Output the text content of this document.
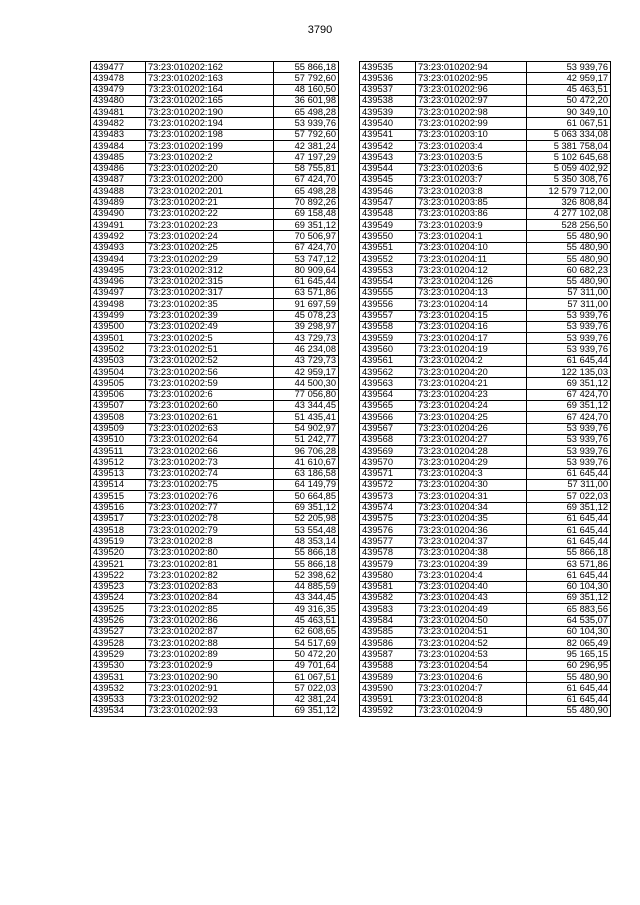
3790
439477	73:23:010202:162	55 866,18
439478	73:23:010202:163	57 792,60
439479	73:23:010202:164	48 160,50
439480	73:23:010202:165	36 601,98
439481	73:23:010202:190	65 498,28
439482	73:23:010202:194	53 939,76
439483	73:23:010202:198	57 792,60
439484	73:23:010202:199	42 381,24
439485	73:23:010202:2	47 197,29
439486	73:23:010202:20	58 755,81
439487	73:23:010202:200	67 424,70
439488	73:23:010202:201	65 498,28
439489	73:23:010202:21	70 892,26
439490	73:23:010202:22	69 158,48
439491	73:23:010202:23	69 351,12
439492	73:23:010202:24	70 506,97
439493	73:23:010202:25	67 424,70
439494	73:23:010202:29	53 747,12
439495	73:23:010202:312	80 909,64
439496	73:23:010202:315	61 645,44
439497	73:23:010202:317	63 571,86
439498	73:23:010202:35	91 697,59
439499	73:23:010202:39	45 078,23
439500	73:23:010202:49	39 298,97
439501	73:23:010202:5	43 729,73
439502	73:23:010202:51	46 234,08
439503	73:23:010202:52	43 729,73
439504	73:23:010202:56	42 959,17
439505	73:23:010202:59	44 500,30
439506	73:23:010202:6	77 056,80
439507	73:23:010202:60	43 344,45
439508	73:23:010202:61	51 435,41
439509	73:23:010202:63	54 902,97
439510	73:23:010202:64	51 242,77
439511	73:23:010202:66	96 706,28
439512	73:23:010202:73	41 610,67
439513	73:23:010202:74	63 186,58
439514	73:23:010202:75	64 149,79
439515	73:23:010202:76	50 664,85
439516	73:23:010202:77	69 351,12
439517	73:23:010202:78	52 205,98
439518	73:23:010202:79	53 554,48
439519	73:23:010202:8	48 353,14
439520	73:23:010202:80	55 866,18
439521	73:23:010202:81	55 866,18
439522	73:23:010202:82	52 398,62
439523	73:23:010202:83	44 885,59
439524	73:23:010202:84	43 344,45
439525	73:23:010202:85	49 316,35
439526	73:23:010202:86	45 463,51
439527	73:23:010202:87	62 608,65
439528	73:23:010202:88	54 517,69
439529	73:23:010202:89	50 472,20
439530	73:23:010202:9	49 701,64
439531	73:23:010202:90	61 067,51
439532	73:23:010202:91	57 022,03
439533	73:23:010202:92	42 381,24
439534	73:23:010202:93	69 351,12
439535	73:23:010202:94	53 939,76
439536	73:23:010202:95	42 959,17
439537	73:23:010202:96	45 463,51
439538	73:23:010202:97	50 472,20
439539	73:23:010202:98	90 349,10
439540	73:23:010202:99	61 067,51
439541	73:23:010203:10	5 063 334,08
439542	73:23:010203:4	5 381 758,04
439543	73:23:010203:5	5 102 645,68
439544	73:23:010203:6	5 059 402,92
439545	73:23:010203:7	5 350 308,76
439546	73:23:010203:8	12 579 712,00
439547	73:23:010203:85	326 808,84
439548	73:23:010203:86	4 277 102,08
439549	73:23:010203:9	528 256,50
439550	73:23:010204:1	55 480,90
439551	73:23:010204:10	55 480,90
439552	73:23:010204:11	55 480,90
439553	73:23:010204:12	60 682,23
439554	73:23:010204:126	55 480,90
439555	73:23:010204:13	57 311,00
439556	73:23:010204:14	57 311,00
439557	73:23:010204:15	53 939,76
439558	73:23:010204:16	53 939,76
439559	73:23:010204:17	53 939,76
439560	73:23:010204:19	53 939,76
439561	73:23:010204:2	61 645,44
439562	73:23:010204:20	122 135,03
439563	73:23:010204:21	69 351,12
439564	73:23:010204:23	67 424,70
439565	73:23:010204:24	69 351,12
439566	73:23:010204:25	67 424,70
439567	73:23:010204:26	53 939,76
439568	73:23:010204:27	53 939,76
439569	73:23:010204:28	53 939,76
439570	73:23:010204:29	53 939,76
439571	73:23:010204:3	61 645,44
439572	73:23:010204:30	57 311,00
439573	73:23:010204:31	57 022,03
439574	73:23:010204:34	69 351,12
439575	73:23:010204:35	61 645,44
439576	73:23:010204:36	61 645,44
439577	73:23:010204:37	61 645,44
439578	73:23:010204:38	55 866,18
439579	73:23:010204:39	63 571,86
439580	73:23:010204:4	61 645,44
439581	73:23:010204:40	60 104,30
439582	73:23:010204:43	69 351,12
439583	73:23:010204:49	65 883,56
439584	73:23:010204:50	64 535,07
439585	73:23:010204:51	60 104,30
439586	73:23:010204:52	82 065,49
439587	73:23:010204:53	95 165,15
439588	73:23:010204:54	60 296,95
439589	73:23:010204:6	55 480,90
439590	73:23:010204:7	61 645,44
439591	73:23:010204:8	61 645,44
439592	73:23:010204:9	55 480,90
